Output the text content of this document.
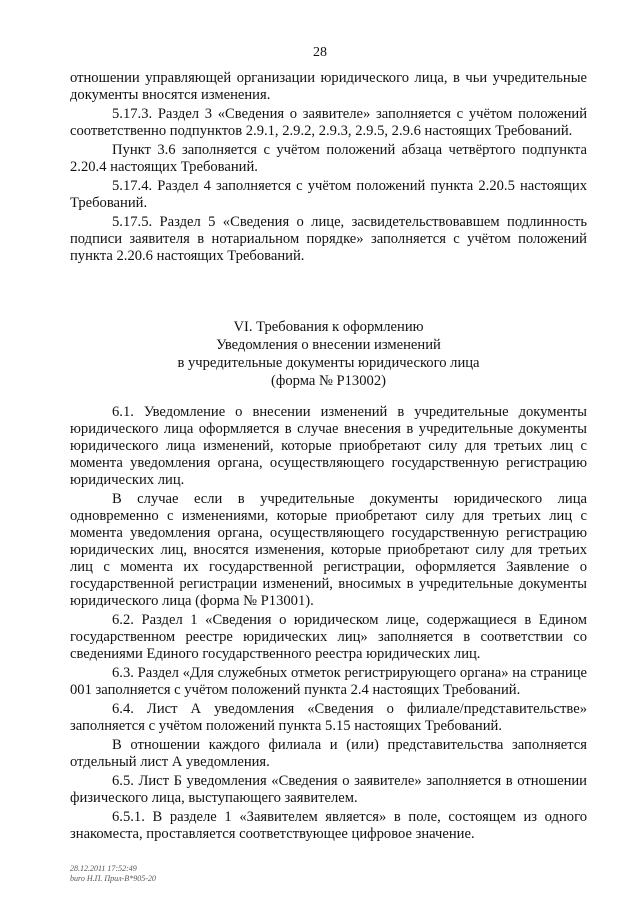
28

отношении управляющей организации юридического лица, в чьи учредительные документы вносятся изменения.

5.17.3. Раздел 3 «Сведения о заявителе» заполняется с учётом положений соответственно подпунктов 2.9.1, 2.9.2, 2.9.3, 2.9.5, 2.9.6 настоящих Требований.

Пункт 3.6 заполняется с учётом положений абзаца четвёртого подпункта 2.20.4 настоящих Требований.

5.17.4. Раздел 4 заполняется с учётом положений пункта 2.20.5 настоящих Требований.

5.17.5. Раздел 5 «Сведения о лице, засвидетельствовавшем подлинность подписи заявителя в нотариальном порядке» заполняется с учётом положений пункта 2.20.6 настоящих Требований.

VI. Требования к оформлению
Уведомления о внесении изменений
в учредительные документы юридического лица
(форма № Р13002)

6.1. Уведомление о внесении изменений в учредительные документы юридического лица оформляется в случае внесения в учредительные документы юридического лица изменений, которые приобретают силу для третьих лиц с момента уведомления органа, осуществляющего государственную регистрацию юридических лиц.

В случае если в учредительные документы юридического лица одновременно с изменениями, которые приобретают силу для третьих лиц с момента уведомления органа, осуществляющего государственную регистрацию юридических лиц, вносятся изменения, которые приобретают силу для третьих лиц с момента их государственной регистрации, оформляется Заявление о государственной регистрации изменений, вносимых в учредительные документы юридического лица (форма № Р13001).

6.2. Раздел 1 «Сведения о юридическом лице, содержащиеся в Едином государственном реестре юридических лиц» заполняется в соответствии со сведениями Единого государственного реестра юридических лиц.

6.3. Раздел «Для служебных отметок регистрирующего органа» на странице 001 заполняется с учётом положений пункта 2.4 настоящих Требований.

6.4. Лист А уведомления «Сведения о филиале/представительстве» заполняется с учётом положений пункта 5.15 настоящих Требований.

В отношении каждого филиала и (или) представительства заполняется отдельный лист А уведомления.

6.5. Лист Б уведомления «Сведения о заявителе» заполняется в отношении физического лица, выступающего заявителем.

6.5.1. В разделе 1 «Заявителем является» в поле, состоящем из одного знакоместа, проставляется соответствующее цифровое значение.

28.12.2011 17:52:49
buro Н.П. Прил-В*905-20
